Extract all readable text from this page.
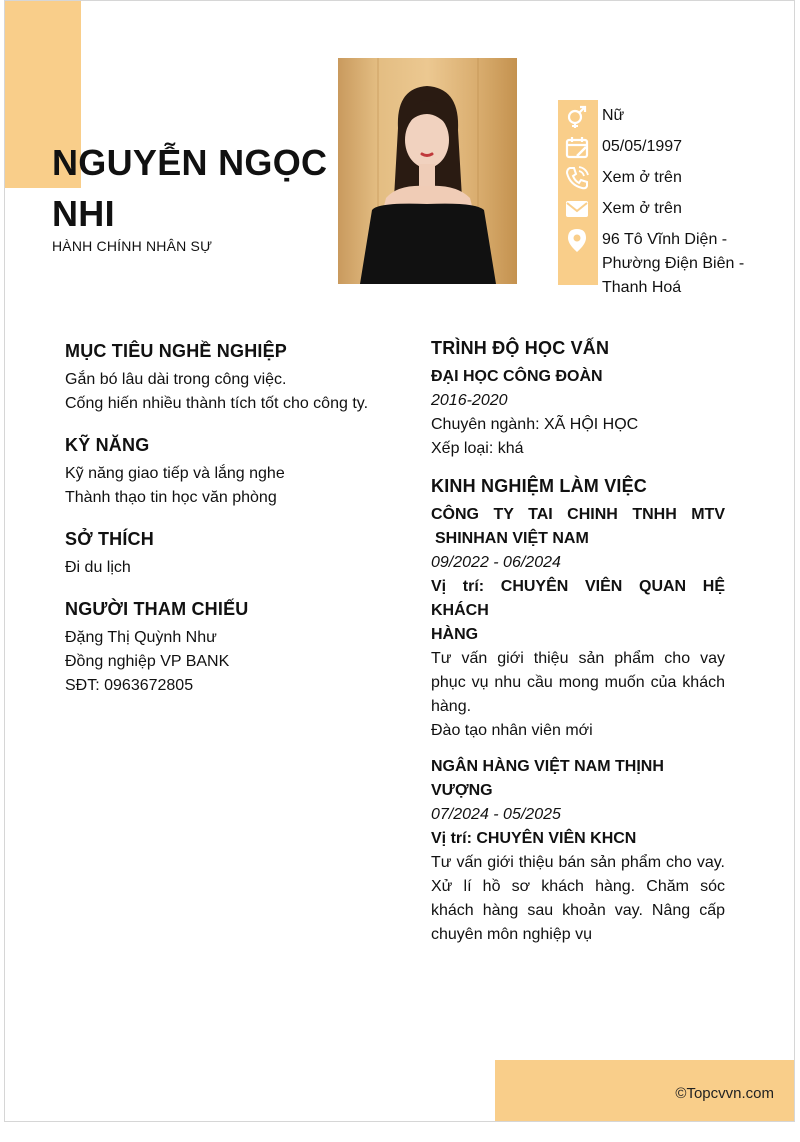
NGUYỄN NGỌC NHI
HÀNH CHÍNH NHÂN SỰ
Nữ
05/05/1997
Xem ở trên
Xem ở trên
96 Tô Vĩnh Diện - Phường Điện Biên - Thanh Hoá
MỤC TIÊU NGHỀ NGHIỆP
Gắn bó lâu dài trong công việc.
Cống hiến nhiều thành tích tốt cho công ty.
KỸ NĂNG
Kỹ năng giao tiếp và lắng nghe
Thành thạo tin học văn phòng
SỞ THÍCH
Đi du lịch
NGƯỜI THAM CHIẾU
Đặng Thị Quỳnh Như
Đồng nghiệp VP BANK
SĐT: 0963672805
TRÌNH ĐỘ HỌC VẤN
ĐẠI HỌC CÔNG ĐOÀN
2016-2020
Chuyên ngành: XÃ HỘI HỌC
Xếp loại: khá
KINH NGHIỆM LÀM VIỆC
CÔNG TY TAI CHINH TNHH MTV
SHINHAN VIỆT NAM
09/2022 - 06/2024
Vị trí: CHUYÊN VIÊN QUAN HỆ KHÁCH
HÀNG
Tư vấn giới thiệu sản phẩm cho vay phục vụ nhu cầu mong muốn của khách hàng.
Đào tạo nhân viên mới
NGÂN HÀNG VIỆT NAM THỊNH VƯỢNG
07/2024 - 05/2025
Vị trí: CHUYÊN VIÊN KHCN
Tư vấn giới thiệu bán sản phẩm cho vay. Xử lí hồ sơ khách hàng. Chăm sóc khách hàng sau khoản vay. Nâng cấp chuyên môn nghiệp vụ
©Topcvvn.com
